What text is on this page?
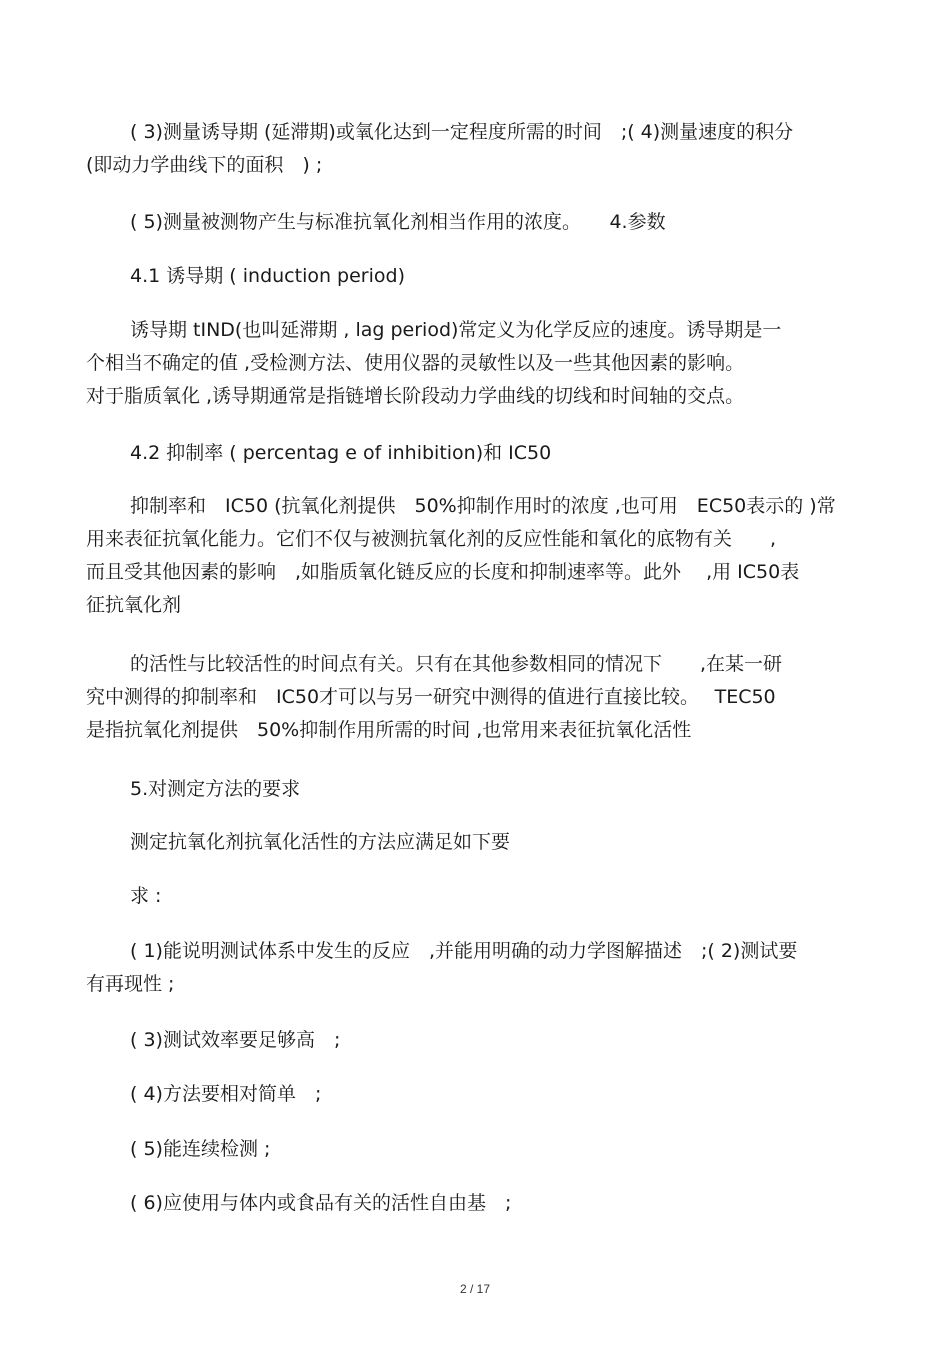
( 3)测量诱导期 (延滞期)或氧化达到一定程度所需的时间　;( 4)测量速度的积分
(即动力学曲线下的面积　) ;
( 5)测量被测物产生与标准抗氧化剂相当作用的浓度。　　4.参数
4.1 诱导期 ( induction period)
诱导期 tIND(也叫延滞期 , lag period)常定义为化学反应的速度。诱导期是一
个相当不确定的值 ,受检测方法、使用仪器的灵敏性以及一些其他因素的影响。
对于脂质氧化 ,诱导期通常是指链增长阶段动力学曲线的切线和时间轴的交点。
4.2 抑制率 ( percentag e of inhibition)和 IC50
抑制率和　IC50 (抗氧化剂提供　50%抑制作用时的浓度 ,也可用　EC50表示的 )常
用来表征抗氧化能力。它们不仅与被测抗氧化剂的反应性能和氧化的底物有关　　,
而且受其他因素的影响　,如脂质氧化链反应的长度和抑制速率等。此外　 ,用 IC50表
征抗氧化剂
的活性与比较活性的时间点有关。只有在其他参数相同的情况下　　,在某一研
究中测得的抑制率和　IC50才可以与另一研究中测得的值进行直接比较。　 TEC50
是指抗氧化剂提供　50%抑制作用所需的时间 ,也常用来表征抗氧化活性
5.对测定方法的要求
测定抗氧化剂抗氧化活性的方法应满足如下要
求 :
( 1)能说明测试体系中发生的反应　,并能用明确的动力学图解描述　;( 2)测试要
有再现性 ;
( 3)测试效率要足够高　;
( 4)方法要相对简单　;
( 5)能连续检测 ;
( 6)应使用与体内或食品有关的活性自由基　;
2 / 17
